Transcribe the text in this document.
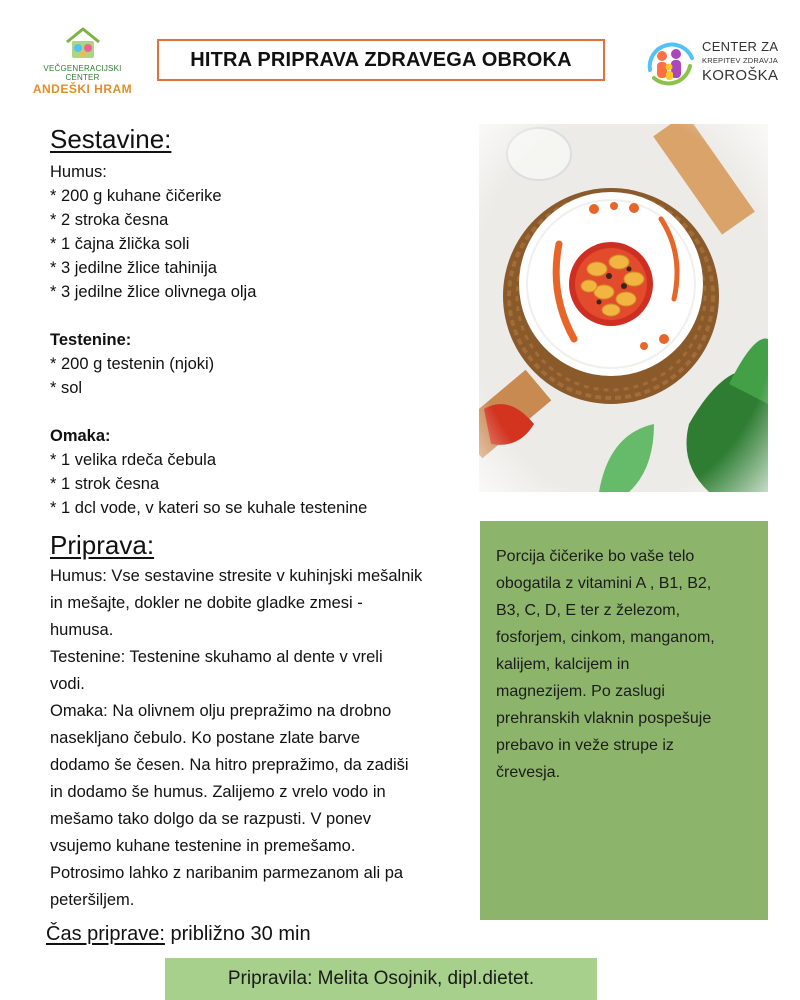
VEČGENERACIJSKI CENTER
ANDEŠKI HRAM
HITRA PRIPRAVA ZDRAVEGA OBROKA
CENTER ZA
KREPITEV ZDRAVJA
KOROŠKA
Sestavine:
Humus:
* 200 g kuhane čičerike
* 2 stroka česna
* 1 čajna žlička soli
* 3 jedilne žlice tahinija
* 3 jedilne žlice olivnega olja
Testenine:
* 200 g testenin (njoki)
* sol
Omaka:
* 1 velika rdeča čebula
* 1 strok česna
* 1 dcl vode, v kateri so se kuhale testenine
Priprava:
Humus: Vse sestavine stresite v kuhinjski mešalnik
in mešajte, dokler ne dobite gladke zmesi -
humusa.
Testenine: Testenine skuhamo al dente v vreli
vodi.
Omaka: Na olivnem olju prepražimo na drobno
nasekljano čebulo. Ko postane zlate barve
dodamo še česen. Na hitro prepražimo, da zadiši
in dodamo še humus. Zalijemo z vrelo vodo in
mešamo tako dolgo da se razpusti. V ponev
vsujemo kuhane testenine in premešamo.
Potrosimo lahko z naribanim parmezanom ali pa
peteršiljem.
Porcija čičerike bo vaše telo
obogatila z vitamini A , B1, B2,
B3, C, D, E ter z železom,
fosforjem, cinkom, manganom,
kalijem, kalcijem in
magnezijem. Po zaslugi
prehranskih vlaknin pospešuje
prebavo in veže strupe iz
črevesja.
Čas priprave: približno 30 min
Pripravila: Melita Osojnik, dipl.dietet.
